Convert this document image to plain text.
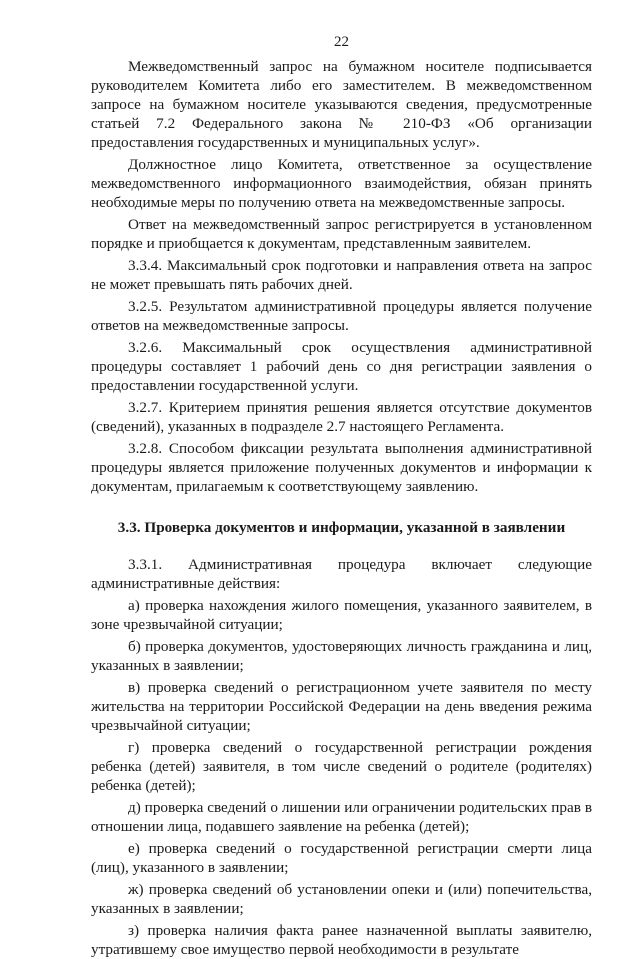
22

Межведомственный запрос на бумажном носителе подписывается руководителем Комитета либо его заместителем. В межведомственном запросе на бумажном носителе указываются сведения, предусмотренные статьей 7.2 Федерального закона № 210-ФЗ «Об организации предоставления государственных и муниципальных услуг».

Должностное лицо Комитета, ответственное за осуществление межведомственного информационного взаимодействия, обязан принять необходимые меры по получению ответа на межведомственные запросы.

Ответ на межведомственный запрос регистрируется в установленном порядке и приобщается к документам, представленным заявителем.

3.3.4. Максимальный срок подготовки и направления ответа на запрос не может превышать пять рабочих дней.

3.2.5. Результатом административной процедуры является получение ответов на межведомственные запросы.

3.2.6. Максимальный срок осуществления административной процедуры составляет 1 рабочий день со дня регистрации заявления о предоставлении государственной услуги.

3.2.7. Критерием принятия решения является отсутствие документов (сведений), указанных в подразделе 2.7 настоящего Регламента.

3.2.8. Способом фиксации результата выполнения административной процедуры является приложение полученных документов и информации к документам, прилагаемым к соответствующему заявлению.

3.3. Проверка документов и информации, указанной в заявлении

3.3.1. Административная процедура включает следующие административные действия:

а) проверка нахождения жилого помещения, указанного заявителем, в зоне чрезвычайной ситуации;

б) проверка документов, удостоверяющих личность гражданина и лиц, указанных в заявлении;

в) проверка сведений о регистрационном учете заявителя по месту жительства на территории Российской Федерации на день введения режима чрезвычайной ситуации;

г) проверка сведений о государственной регистрации рождения ребенка (детей) заявителя, в том числе сведений о родителе (родителях) ребенка (детей);

д) проверка сведений о лишении или ограничении родительских прав в отношении лица, подавшего заявление на ребенка (детей);

е) проверка сведений о государственной регистрации смерти лица (лиц), указанного в заявлении;

ж) проверка сведений об установлении опеки и (или) попечительства, указанных в заявлении;

з) проверка наличия факта ранее назначенной выплаты заявителю, утратившему свое имущество первой необходимости в результате
